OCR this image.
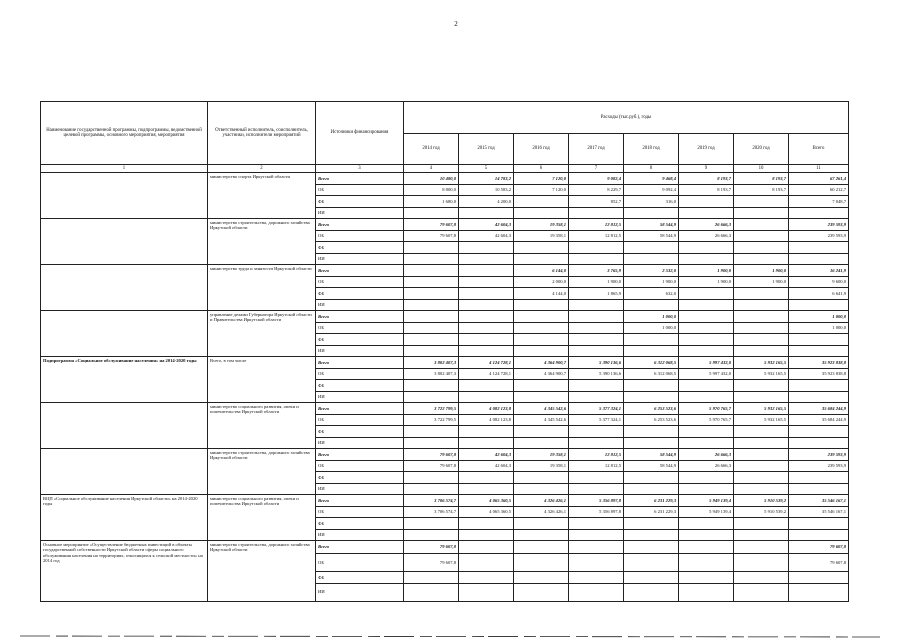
2
Наименование государственной программы, подпрограммы, ведомственной целевой программы, основного мероприятия, мероприятия	Ответственный исполнитель, соисполнитель, участники, исполнители мероприятий	Источники финансирования	Расходы (тыс.руб.), годы							
			2014 год	2015 год	2016 год	2017 год	2018 год	2019 год	2020 год	Всего
1	2	3	4	5	6	7	8	9	10	11
	министерство спорта Иркутской области	Всего	10 480,0	14 783,2	7 120,0	9 082,4	9 468,4	8 193,7	8 193,7	67 261,4
		ОБ	8 800,0	10 583,2	7 120,0	8 229,7	9 092,4	8 193,7	8 193,7	60 212,7
		ФБ	1 680,0	4 200,0		852,7	316,0			7 048,7
		ИИ								
	министерство строительства, дорожного хозяйства Иркутской области	Всего	79 607,8	42 604,3	19 358,1	12 812,5	58 544,9	26 666,3		239 593,9
		ОБ	79 607,8	42 604,3	19 358,1	12 812,5	58 544,9	26 666,3		239 593,9
		ФБ								
		ИИ								
	министерство труда и занятости Иркутской области	Всего			6 144,0	3 765,9	2 532,0	1 900,0	1 900,0	16 241,9
		ОБ			2 000,0	1 900,0	1 900,0	1 900,0	1 900,0	9 600,0
		ФБ			4 144,0	1 865,9	632,0			6 641,9
		ИИ								
	управление делами Губернатора Иркутской области и Правительства Иркутской области	Всего					1 000,0			1 000,0
		ОБ					1 000,0			1 000,0
		ФБ								
		ИИ								
Подпрограмма «Социальное обслуживание населения» на 2014-2020 годы	Всего, в том числе	Всего	3 802 407,3	4 124 728,1	4 364 900,7	5 390 136,6	6 312 068,5	5 997 432,0	5 932 165,5	35 923 838,8
		ОБ	3 802 407,3	4 124 728,1	4 364 900,7	5 390 136,6	6 312 068,5	5 997 432,0	5 932 165,5	35 923 838,8
		ФБ								
		ИИ								
	министерство социального развития, опеки и попечительства Иркутской области	Всего	3 722 799,5	4 082 123,8	4 345 542,6	5 377 324,1	6 253 523,6	5 970 765,7	5 932 165,5	35 684 244,9
		ОБ	3 722 799,5	4 082 123,8	4 345 542,6	5 377 324,1	6 253 523,6	5 970 765,7	5 932 165,5	35 684 244,9
		ФБ								
		ИИ								
	министерство строительства, дорожного хозяйства Иркутской области	Всего	79 607,8	42 604,3	19 358,1	12 812,5	58 544,9	26 666,3		239 593,9
		ОБ	79 607,8	42 604,3	19 358,1	12 812,5	58 544,9	26 666,3		239 593,9
		ФБ								
		ИИ								
ВЦП «Социальное обслуживание населения Иркутской области» на 2014-2020 годы	министерство социального развития, опеки и попечительства Иркутской области	Всего	3 706 574,7	4 065 360,5	4 326 426,1	5 356 897,8	6 231 229,3	5 949 139,4	5 910 539,2	35 546 167,1
		ОБ	3 706 574,7	4 065 360,5	4 326 426,1	5 356 897,8	6 231 229,3	5 949 139,4	5 910 539,2	35 546 167,1
		ФБ								
		ИИ								
Основное мероприятие «Осуществление бюджетных инвестиций в объекты государственной собственности Иркутской области сферы социального обслуживания населения на территориях, относящихся к сельской местности» на 2014 год	министерство строительства, дорожного хозяйства Иркутской области	Всего	79 607,8							79 607,8
		ОБ	79 607,8							79 607,8
		ФБ								
		ИИ								
